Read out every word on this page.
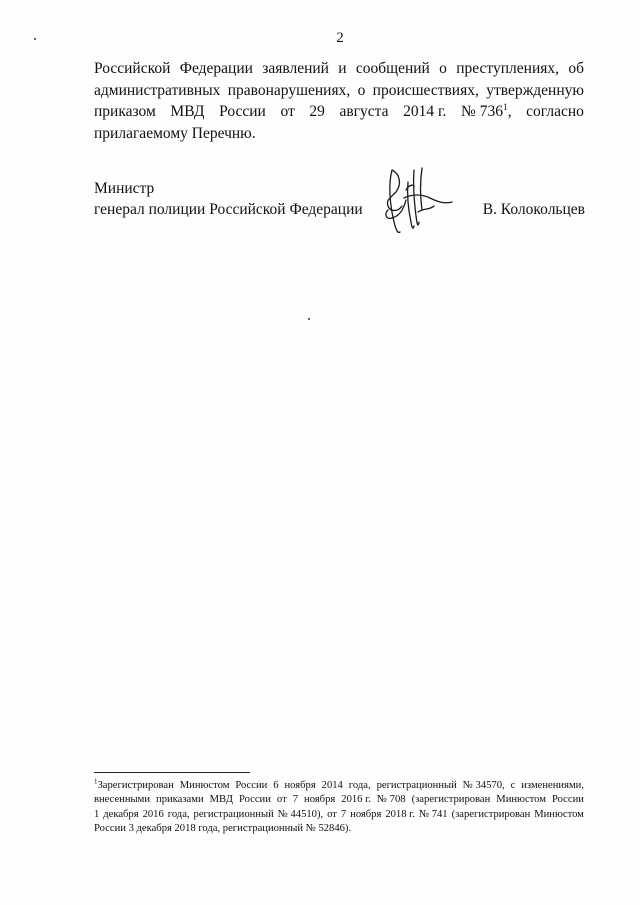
2
Российской Федерации заявлений и сообщений о преступлениях, об
административных правонарушениях, о происшествиях, утвержденную
приказом МВД России от 29 августа 2014 г. № 736$^1$, согласно
прилагаемому Перечню.
Министр
генерал полиции Российской Федерации	В. Колокольцев
$^1$Зарегистрирован Минюстом России 6 ноября 2014 года, регистрационный № 34570, с изменениями,
внесенными приказами МВД России от 7 ноября 2016 г. № 708 (зарегистрирован Минюстом России
1 декабря 2016 года, регистрационный № 44510), от 7 ноября 2018 г. № 741 (зарегистрирован Минюстом
России 3 декабря 2018 года, регистрационный № 52846).
